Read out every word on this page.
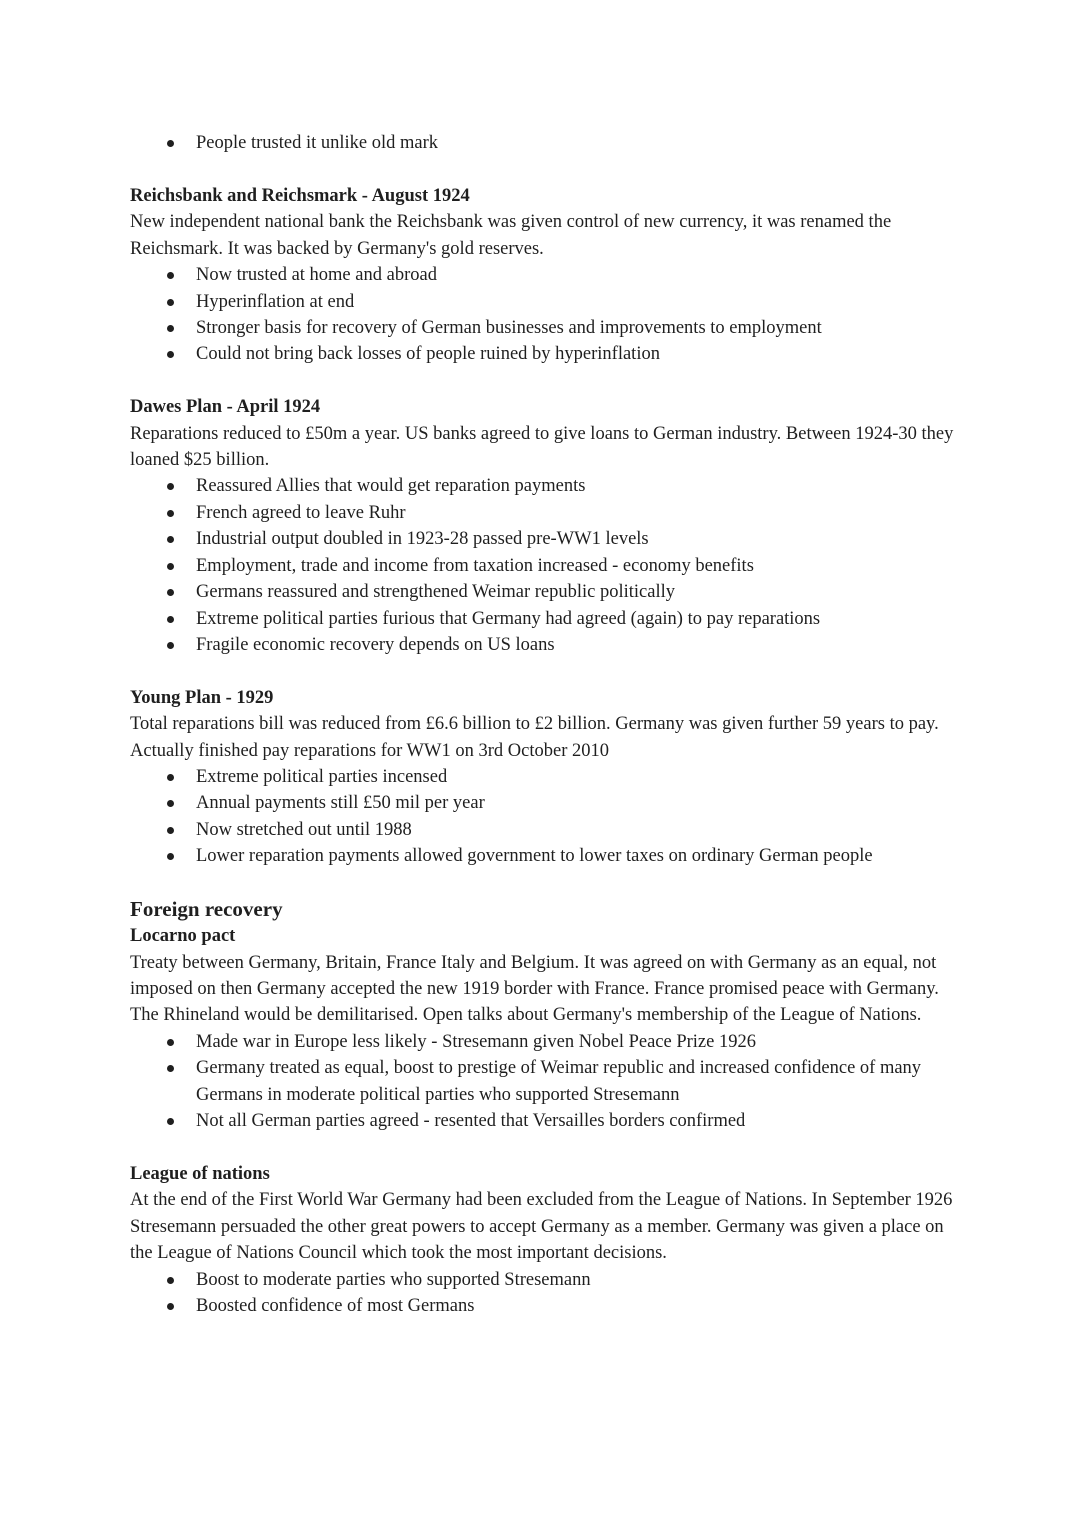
People trusted it unlike old mark

Reichsbank and Reichsmark - August 1924

New independent national bank the Reichsbank was given control of new currency, it was renamed the Reichsmark. It was backed by Germany's gold reserves.

Now trusted at home and abroad
Hyperinflation at end
Stronger basis for recovery of German businesses and improvements to employment
Could not bring back losses of people ruined by hyperinflation

Dawes Plan - April 1924

Reparations reduced to £50m a year. US banks agreed to give loans to German industry. Between 1924-30 they loaned $25 billion.

Reassured Allies that would get reparation payments
French agreed to leave Ruhr
Industrial output doubled in 1923-28 passed pre-WW1 levels
Employment, trade and income from taxation increased - economy benefits
Germans reassured and strengthened Weimar republic politically
Extreme political parties furious that Germany had agreed (again) to pay reparations
Fragile economic recovery depends on US loans

Young Plan - 1929

Total reparations bill was reduced from £6.6 billion to £2 billion. Germany was given further 59 years to pay. Actually finished pay reparations for WW1 on 3rd October 2010

Extreme political parties incensed
Annual payments still £50 mil per year
Now stretched out until 1988
Lower reparation payments allowed government to lower taxes on ordinary German people

Foreign recovery

Locarno pact

Treaty between Germany, Britain, France Italy and Belgium. It was agreed on with Germany as an equal, not imposed on then Germany accepted the new 1919 border with France. France promised peace with Germany. The Rhineland would be demilitarised. Open talks about Germany's membership of the League of Nations.

Made war in Europe less likely - Stresemann given Nobel Peace Prize 1926
Germany treated as equal, boost to prestige of Weimar republic and increased confidence of many Germans in moderate political parties who supported Stresemann
Not all German parties agreed - resented that Versailles borders confirmed

League of nations

At the end of the First World War Germany had been excluded from the League of Nations. In September 1926 Stresemann persuaded the other great powers to accept Germany as a member. Germany was given a place on the League of Nations Council which took the most important decisions.

Boost to moderate parties who supported Stresemann
Boosted confidence of most Germans
